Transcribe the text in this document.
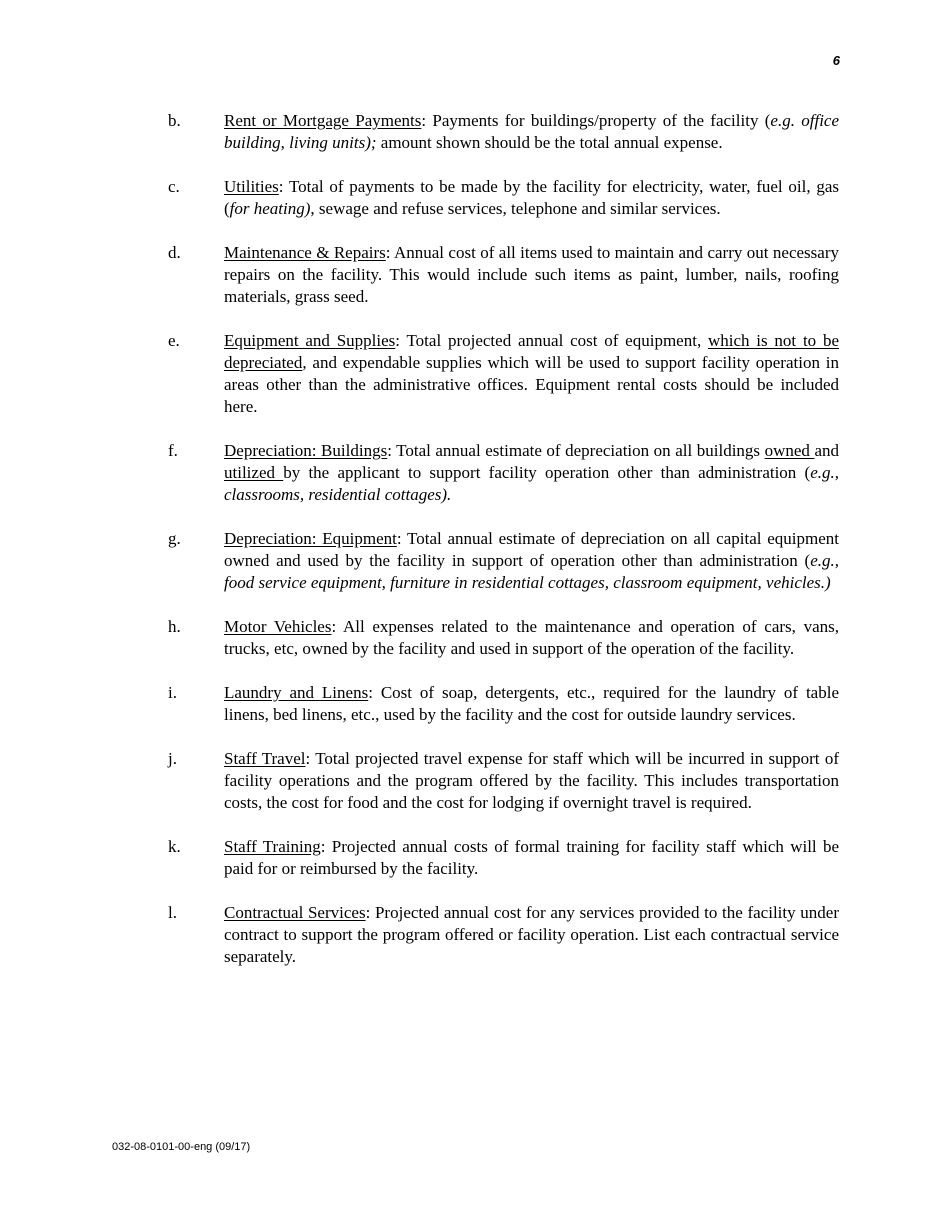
6
b.	Rent or Mortgage Payments: Payments for buildings/property of the facility (e.g. office building, living units); amount shown should be the total annual expense.
c.	Utilities: Total of payments to be made by the facility for electricity, water, fuel oil, gas (for heating), sewage and refuse services, telephone and similar services.
d.	Maintenance & Repairs: Annual cost of all items used to maintain and carry out necessary repairs on the facility. This would include such items as paint, lumber, nails, roofing materials, grass seed.
e.	Equipment and Supplies: Total projected annual cost of equipment, which is not to be depreciated, and expendable supplies which will be used to support facility operation in areas other than the administrative offices. Equipment rental costs should be included here.
f.	Depreciation: Buildings: Total annual estimate of depreciation on all buildings owned and utilized by the applicant to support facility operation other than administration (e.g., classrooms, residential cottages).
g.	Depreciation: Equipment: Total annual estimate of depreciation on all capital equipment owned and used by the facility in support of operation other than administration (e.g., food service equipment, furniture in residential cottages, classroom equipment, vehicles.)
h.	Motor Vehicles: All expenses related to the maintenance and operation of cars, vans, trucks, etc, owned by the facility and used in support of the operation of the facility.
i.	Laundry and Linens: Cost of soap, detergents, etc., required for the laundry of table linens, bed linens, etc., used by the facility and the cost for outside laundry services.
j.	Staff Travel: Total projected travel expense for staff which will be incurred in support of facility operations and the program offered by the facility. This includes transportation costs, the cost for food and the cost for lodging if overnight travel is required.
k.	Staff Training: Projected annual costs of formal training for facility staff which will be paid for or reimbursed by the facility.
l.	Contractual Services: Projected annual cost for any services provided to the facility under contract to support the program offered or facility operation. List each contractual service separately.
032-08-0101-00-eng (09/17)
